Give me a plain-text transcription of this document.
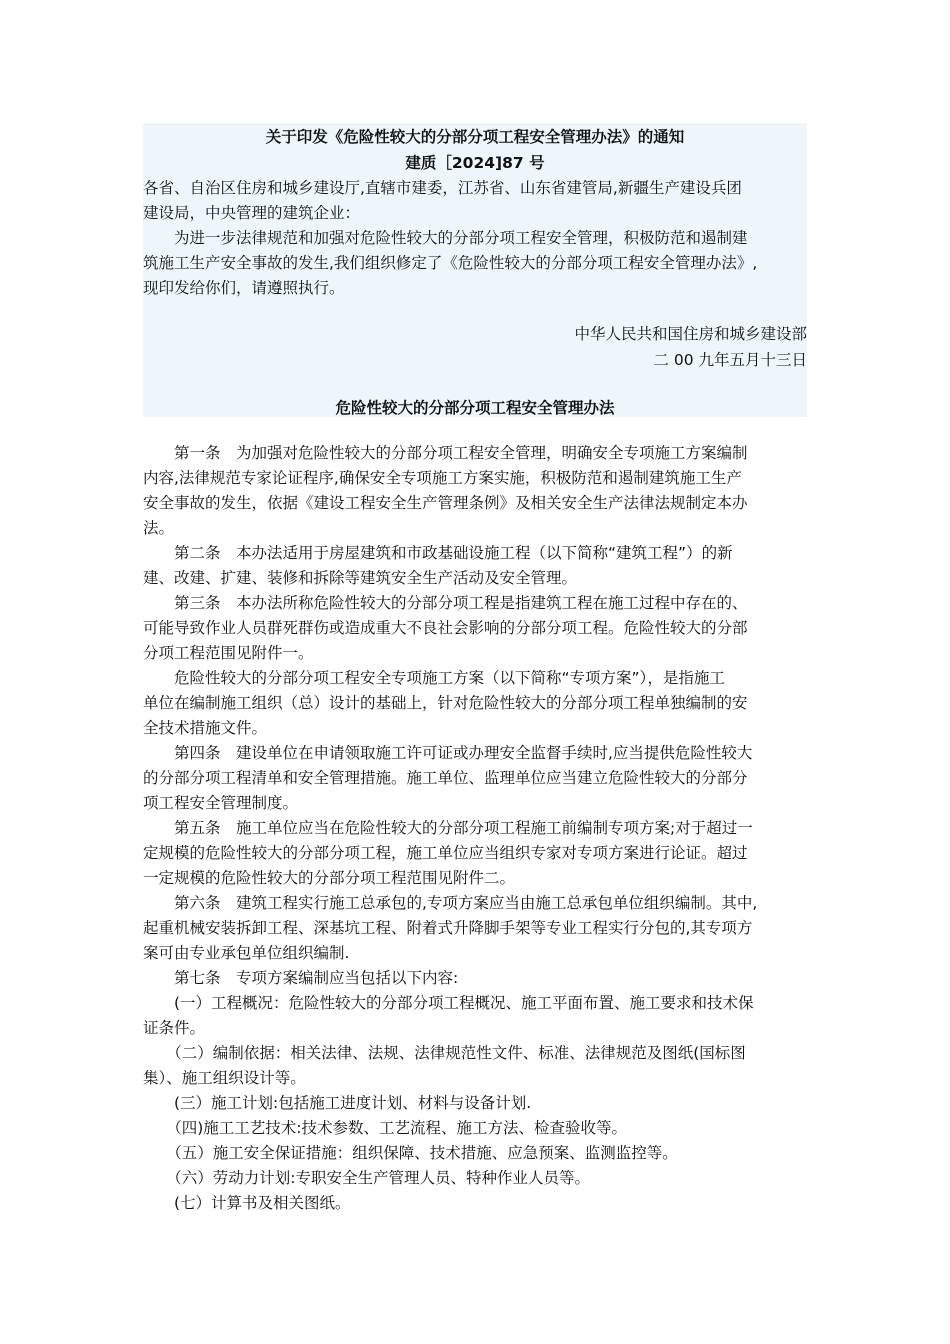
关于印发《危险性较大的分部分项工程安全管理办法》的通知
建质［2024]87 号
各省、自治区住房和城乡建设厅,直辖市建委，江苏省、山东省建管局,新疆生产建设兵团
建设局，中央管理的建筑企业：
　　为进一步法律规范和加强对危险性较大的分部分项工程安全管理，积极防范和遏制建
筑施工生产安全事故的发生,我们组织修定了《危险性较大的分部分项工程安全管理办法》,
现印发给你们，请遵照执行。
中华人民共和国住房和城乡建设部
二 00 九年五月十三日
危险性较大的分部分项工程安全管理办法
　　第一条　为加强对危险性较大的分部分项工程安全管理，明确安全专项施工方案编制
内容,法律规范专家论证程序,确保安全专项施工方案实施，积极防范和遏制建筑施工生产
安全事故的发生，依据《建设工程安全生产管理条例》及相关安全生产法律法规制定本办
法。
　　第二条　本办法适用于房屋建筑和市政基础设施工程（以下简称“建筑工程”）的新
建、改建、扩建、装修和拆除等建筑安全生产活动及安全管理。
　　第三条　本办法所称危险性较大的分部分项工程是指建筑工程在施工过程中存在的、
可能导致作业人员群死群伤或造成重大不良社会影响的分部分项工程。危险性较大的分部
分项工程范围见附件一。
　　危险性较大的分部分项工程安全专项施工方案（以下简称“专项方案”），是指施工
单位在编制施工组织（总）设计的基础上，针对危险性较大的分部分项工程单独编制的安
全技术措施文件。
　　第四条　建设单位在申请领取施工许可证或办理安全监督手续时,应当提供危险性较大
的分部分项工程清单和安全管理措施。施工单位、监理单位应当建立危险性较大的分部分
项工程安全管理制度。
　　第五条　施工单位应当在危险性较大的分部分项工程施工前编制专项方案;对于超过一
定规模的危险性较大的分部分项工程，施工单位应当组织专家对专项方案进行论证。超过
一定规模的危险性较大的分部分项工程范围见附件二。
　　第六条　建筑工程实行施工总承包的,专项方案应当由施工总承包单位组织编制。其中,
起重机械安装拆卸工程、深基坑工程、附着式升降脚手架等专业工程实行分包的,其专项方
案可由专业承包单位组织编制.
　　第七条　专项方案编制应当包括以下内容:
　　(一）工程概况：危险性较大的分部分项工程概况、施工平面布置、施工要求和技术保
证条件。
　　（二）编制依据：相关法律、法规、法律规范性文件、标准、法律规范及图纸(国标图
集）、施工组织设计等。
　　(三）施工计划:包括施工进度计划、材料与设备计划.
　　（四)施工工艺技术:技术参数、工艺流程、施工方法、检查验收等。
　　（五）施工安全保证措施：组织保障、技术措施、应急预案、监测监控等。
　　（六）劳动力计划:专职安全生产管理人员、特种作业人员等。
　　(七）计算书及相关图纸。
